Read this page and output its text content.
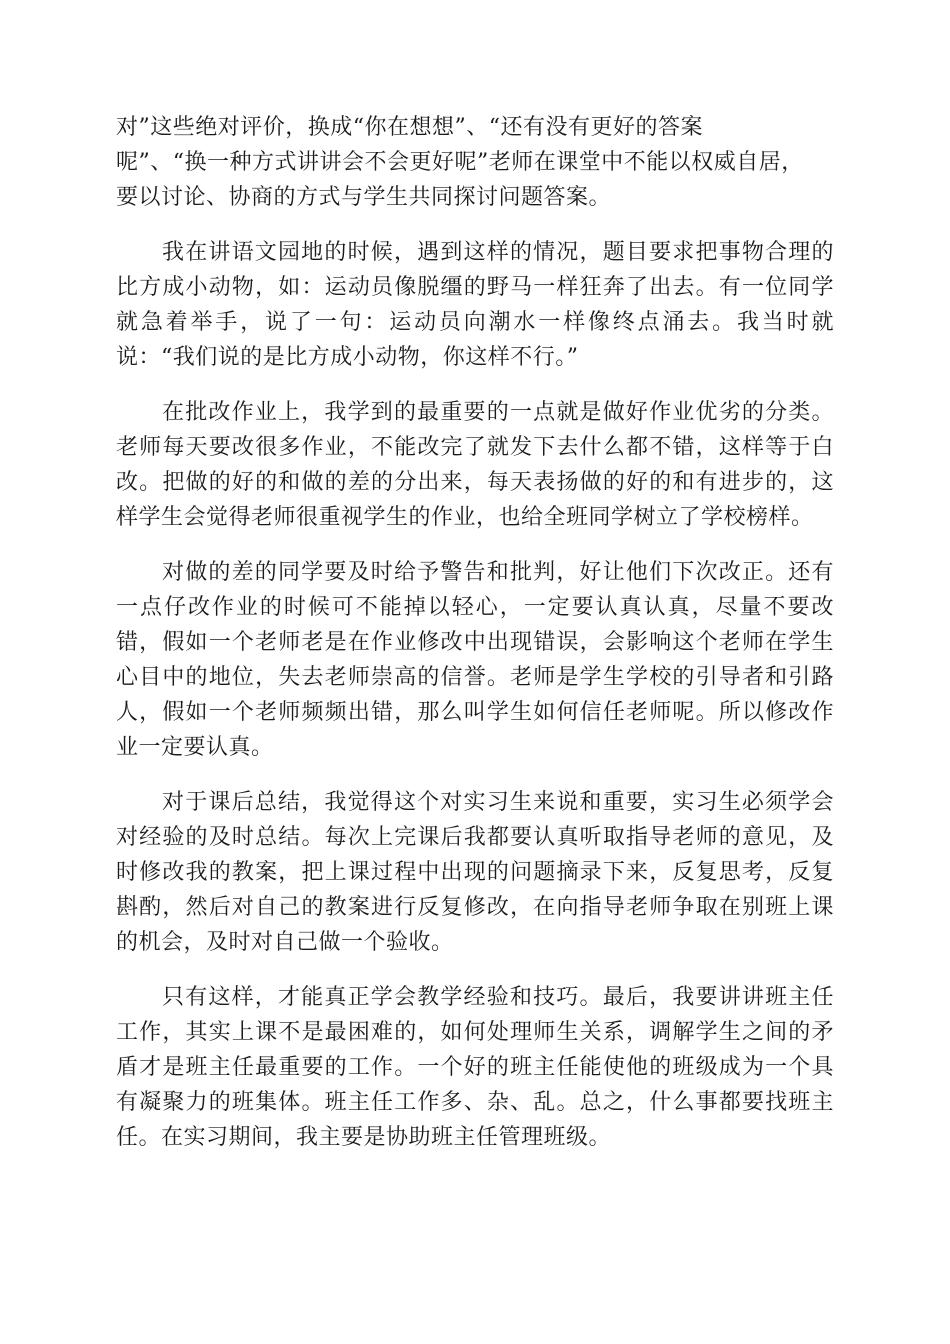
对”这些绝对评价，换成“你在想想”、“还有没有更好的答案
呢”、“换一种方式讲讲会不会更好呢”老师在课堂中不能以权威自居，
要以讨论、协商的方式与学生共同探讨问题答案。

我在讲语文园地的时候，遇到这样的情况，题目要求把事物合理的比方成小动物，如：运动员像脱缰的野马一样狂奔了出去。有一位同学就急着举手，说了一句：运动员向潮水一样像终点涌去。我当时就说：“我们说的是比方成小动物，你这样不行。”

在批改作业上，我学到的最重要的一点就是做好作业优劣的分类。老师每天要改很多作业，不能改完了就发下去什么都不错，这样等于白改。把做的好的和做的差的分出来，每天表扬做的好的和有进步的，这样学生会觉得老师很重视学生的作业，也给全班同学树立了学校榜样。

对做的差的同学要及时给予警告和批判，好让他们下次改正。还有一点仔改作业的时候可不能掉以轻心，一定要认真认真，尽量不要改错，假如一个老师老是在作业修改中出现错误，会影响这个老师在学生心目中的地位，失去老师崇高的信誉。老师是学生学校的引导者和引路人，假如一个老师频频出错，那么叫学生如何信任老师呢。所以修改作业一定要认真。

对于课后总结，我觉得这个对实习生来说和重要，实习生必须学会对经验的及时总结。每次上完课后我都要认真听取指导老师的意见，及时修改我的教案，把上课过程中出现的问题摘录下来，反复思考，反复斟酌，然后对自己的教案进行反复修改，在向指导老师争取在别班上课的机会，及时对自己做一个验收。

只有这样，才能真正学会教学经验和技巧。最后，我要讲讲班主任工作，其实上课不是最困难的，如何处理师生关系，调解学生之间的矛盾才是班主任最重要的工作。一个好的班主任能使他的班级成为一个具有凝聚力的班集体。班主任工作多、杂、乱。总之，什么事都要找班主任。在实习期间，我主要是协助班主任管理班级。
